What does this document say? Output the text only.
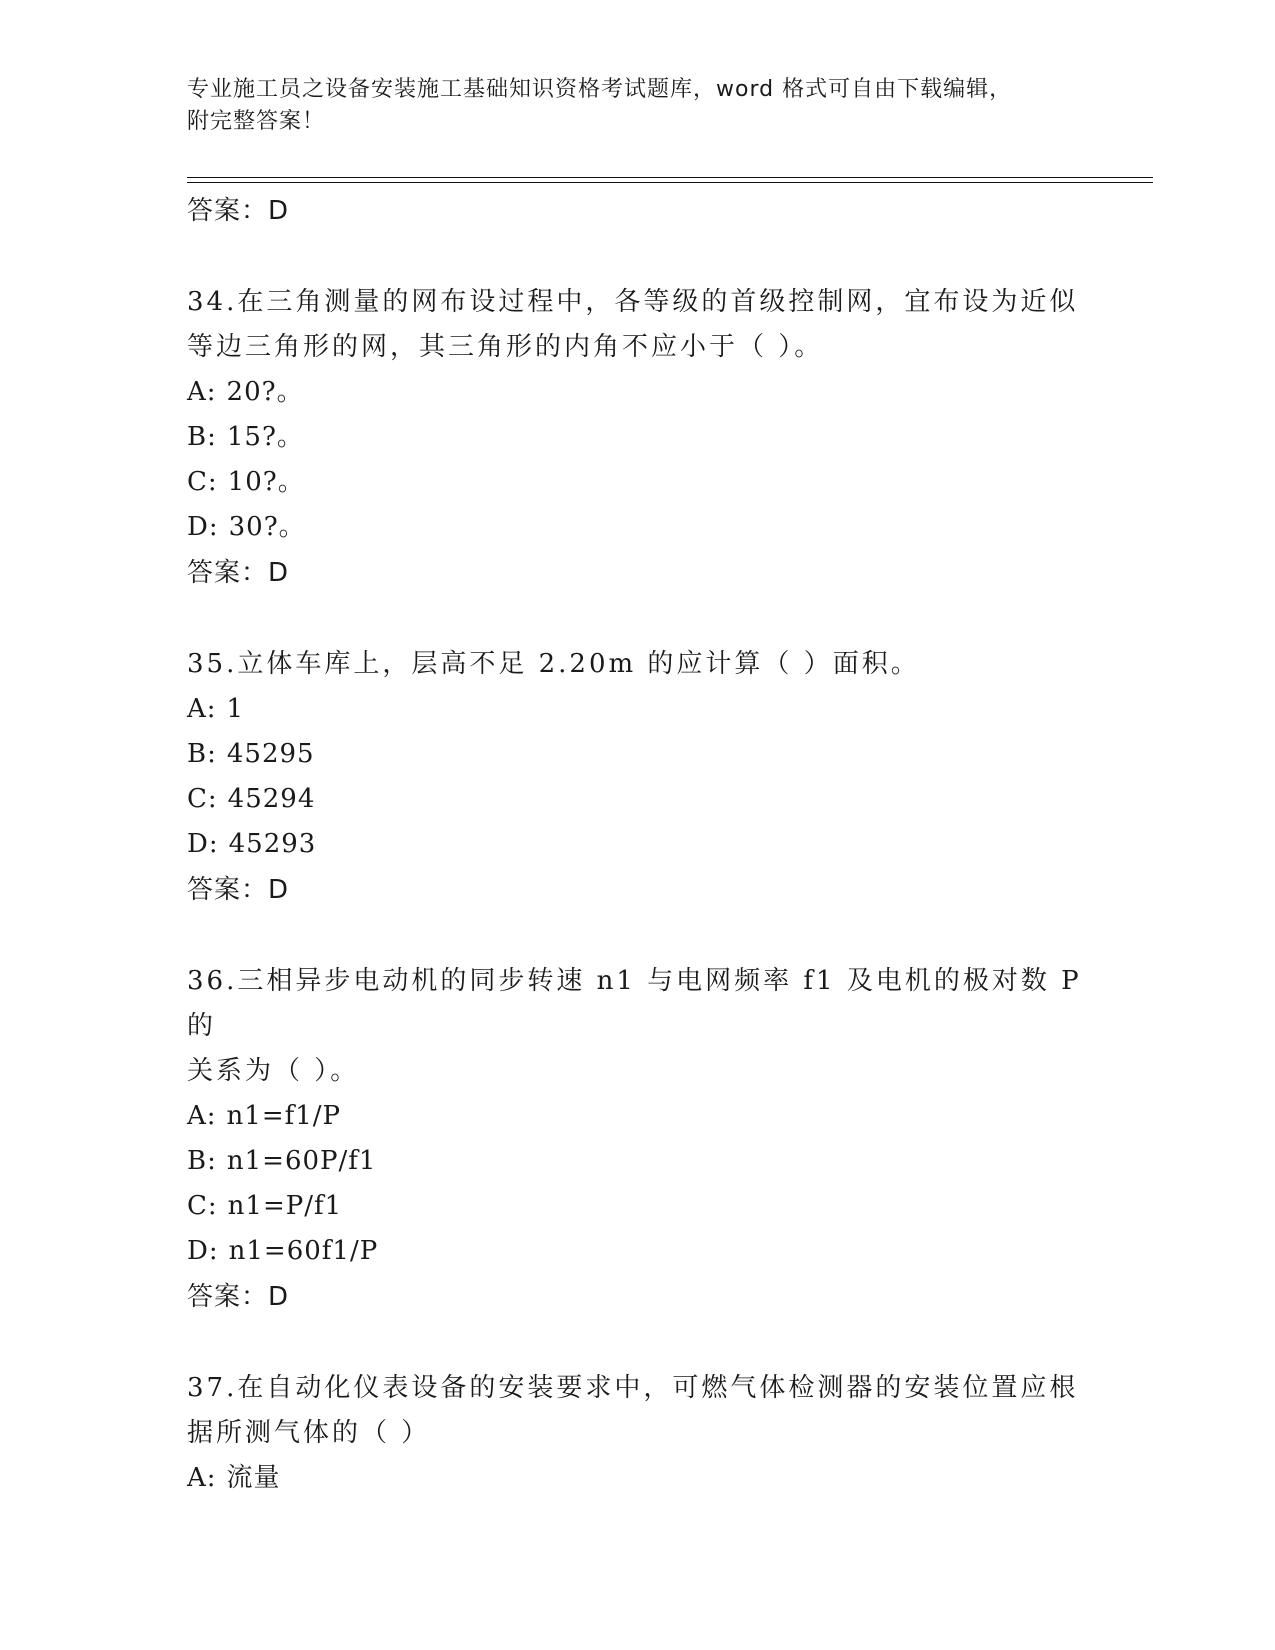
专业施工员之设备安装施工基础知识资格考试题库，word 格式可自由下载编辑，
附完整答案！
答案：D
34.在三角测量的网布设过程中，各等级的首级控制网，宜布设为近似
等边三角形的网，其三角形的内角不应小于（ ）。
A: 20?。
B: 15?。
C: 10?。
D: 30?。
答案：D
35.立体车库上，层高不足 2.20m 的应计算（ ）面积。
A: 1
B: 45295
C: 45294
D: 45293
答案：D
36.三相异步电动机的同步转速 n1 与电网频率 f1 及电机的极对数 P 的
关系为（ ）。
A: n1=f1/P
B: n1=60P/f1
C: n1=P/f1
D: n1=60f1/P
答案：D
37.在自动化仪表设备的安装要求中，可燃气体检测器的安装位置应根
据所测气体的（ ）
A: 流量
